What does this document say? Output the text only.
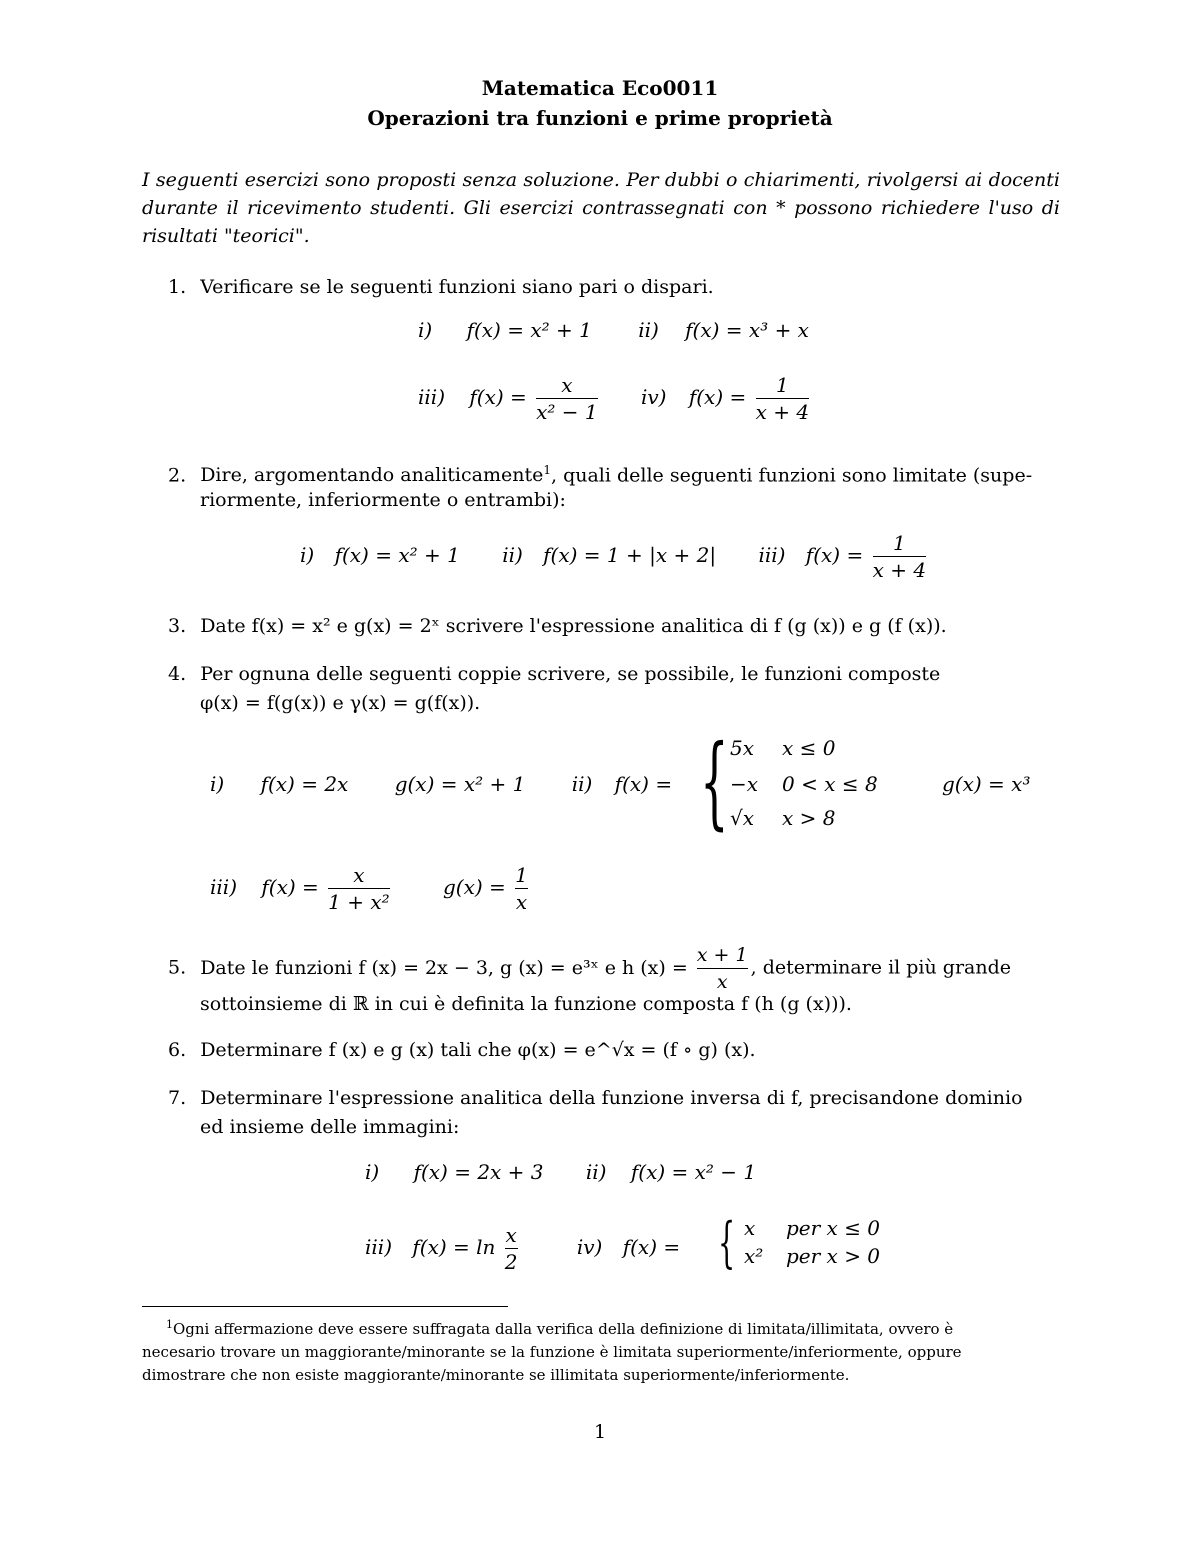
Matematica Eco0011
Operazioni tra funzioni e prime proprietà
I seguenti esercizi sono proposti senza soluzione. Per dubbi o chiarimenti, rivolgersi ai docenti durante il ricevimento studenti. Gli esercizi contrassegnati con * possono richiedere l'uso di risultati "teorici".
1. Verificare se le seguenti funzioni siano pari o dispari.
i) f(x) = x² + 1 ii) f(x) = x³ + x
iii) $f(x) = \frac{x}{\text{x² − 1}} iv$) $f(x) = \frac{1}{x + 4}$
2. Dire, argomentando analiticamente$^1$, quali delle seguenti funzioni sono limitate (supe-
riormente, inferiormente o entrambi):
i) f(x) = x² + 1 ii) f(x) = 1 + |x + 2| iii) $f(x) = \frac{1}{x + 4}$
3. Date f(x) = x² e g(x) = 2ˣ scrivere l'espressione analitica di f (g (x)) e g (f (x)).
4. Per ognuna delle seguenti coppie scrivere, se possibile, le funzioni composte
φ(x) = f(g(x)) e γ(x) = g(f(x)).
i) f(x) = 2x g(x) = x² + 1 ii) f(x) = { 5x x ≤ 0
−x 0 < x ≤ 8
√x x > 8
g(x) = x³
iii) $f(x) = \frac{x}{\text{1 + x²}}$	$g(x) = \frac{1}{x}$
5. Date le funzioni f (x) = 2x − 3, g (x) = e³ˣ e h $(x) = \frac{x + 1}{x}$ , determinare il più grande
sottoinsieme di ℝ in cui è definita la funzione composta f (h (g (x))).
6. Determinare f (x) e g (x) tali che φ(x) = e^√x = (f ∘ g) (x).
7. Determinare l'espressione analitica della funzione inversa di f, precisandone dominio
ed insieme delle immagini:
i) f(x) = 2x + 3 ii) f(x) = x² − 1
iii) $f(x) = \ln \frac{x}{2}$	iv) f(x) = { x per x ≤ 0
x² per x > 0
$^1$Ogni affermazione deve essere suffragata dalla verifica della definizione di limitata/illimitata, ovvero è
necesario trovare un maggiorante/minorante se la funzione è limitata superiormente/inferiormente, oppure
dimostrare che non esiste maggiorante/minorante se illimitata superiormente/inferiormente.
1
